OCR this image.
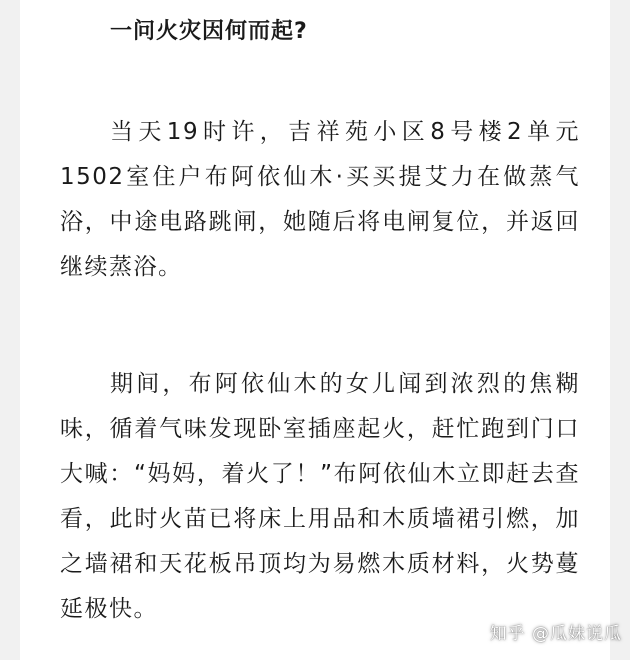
一问火灾因何而起?

当天19时许，吉祥苑小区8号楼2单元1502室住户布阿依仙木·买买提艾力在做蒸气浴，中途电路跳闸，她随后将电闸复位，并返回继续蒸浴。

期间，布阿依仙木的女儿闻到浓烈的焦糊味，循着气味发现卧室插座起火，赶忙跑到门口大喊：“妈妈，着火了！”布阿依仙木立即赶去查看，此时火苗已将床上用品和木质墙裙引燃，加之墙裙和天花板吊顶均为易燃木质材料，火势蔓延极快。

知乎 @瓜妹说瓜
